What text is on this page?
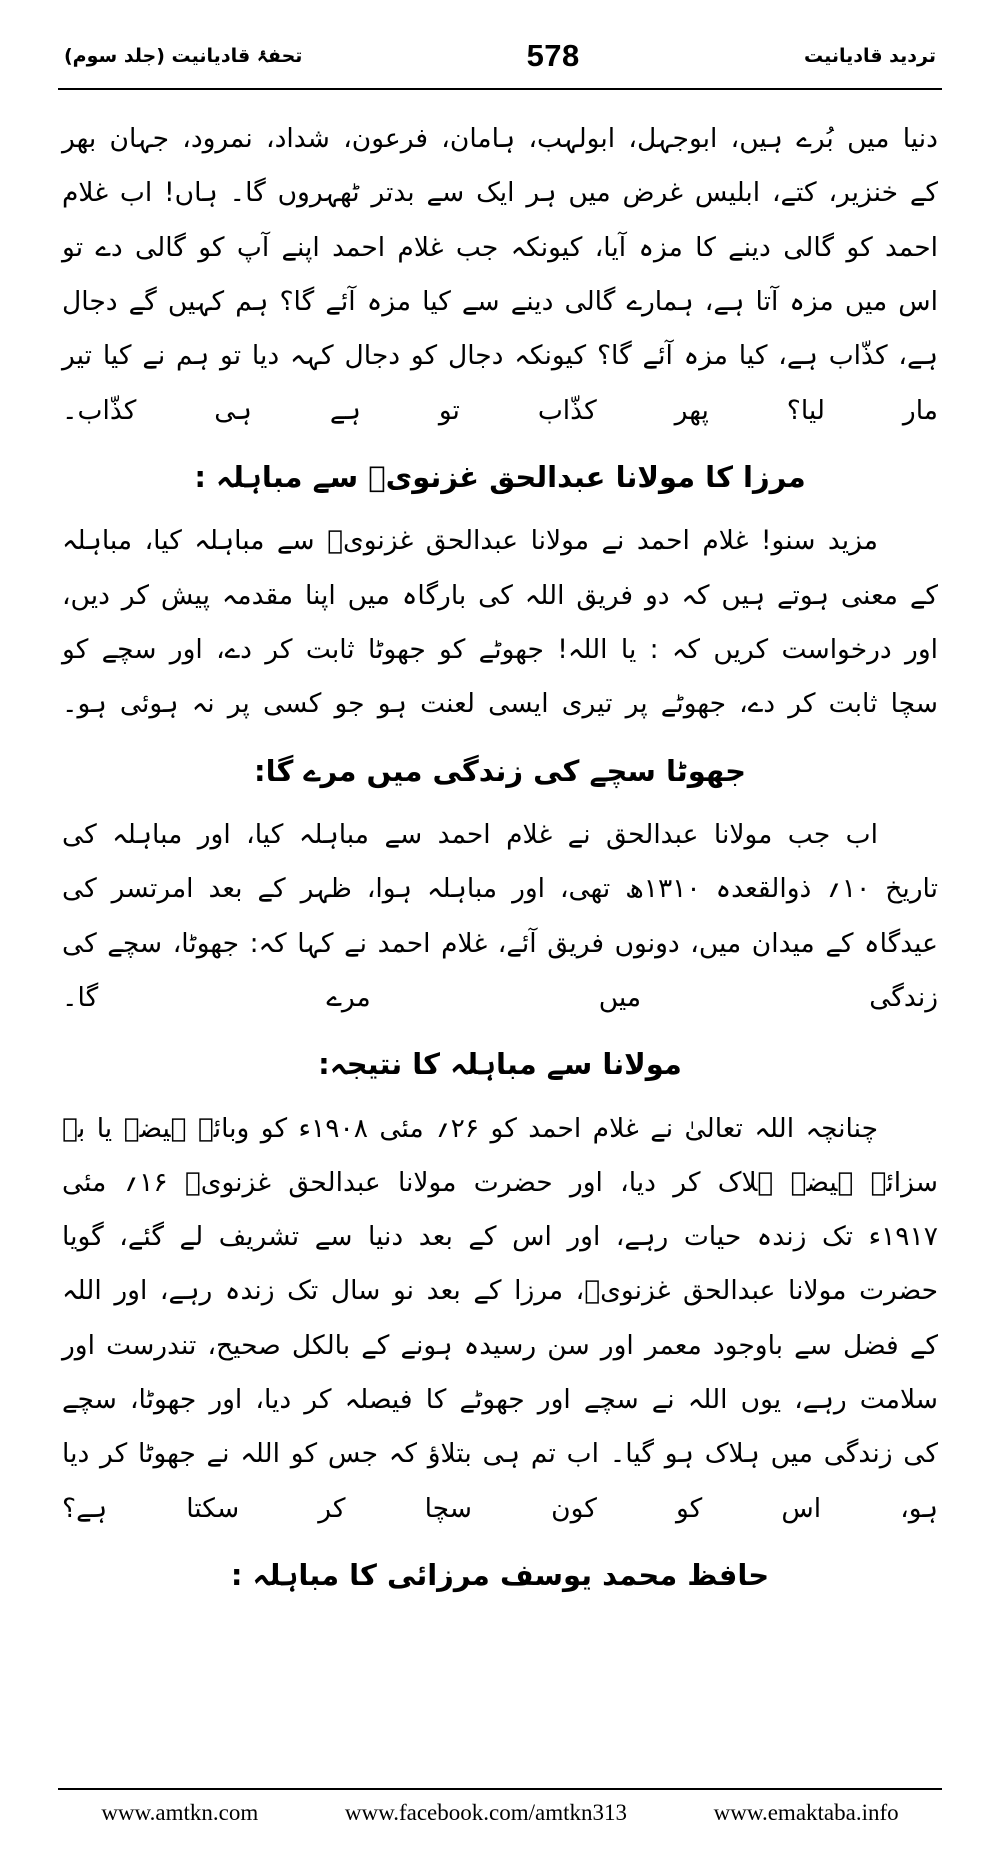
تحفۂ قادیانیت (جلد سوم)	578	تردید قادیانیت

دنیا میں بُرے ہیں، ابوجہل، ابولہب، ہامان، فرعون، شداد، نمرود، جہان بھر کے خنزیر، کتے، ابلیس غرض میں ہر ایک سے بدتر ٹھہروں گا۔ ہاں! اب غلام احمد کو گالی دینے کا مزہ آیا، کیونکہ جب غلام احمد اپنے آپ کو گالی دے تو اس میں مزہ آتا ہے، ہمارے گالی دینے سے کیا مزہ آئے گا؟ ہم کہیں گے دجال ہے، کذّاب ہے، کیا مزہ آئے گا؟ کیونکہ دجال کو دجال کہہ دیا تو ہم نے کیا تیر مار لیا؟ پھر کذّاب تو ہے ہی کذّاب۔

مرزا کا مولانا عبدالحق غزنویؒ سے مباہلہ :

مزید سنو! غلام احمد نے مولانا عبدالحق غزنویؒ سے مباہلہ کیا، مباہلہ کے معنی ہوتے ہیں کہ دو فریق اللہ کی بارگاہ میں اپنا مقدمہ پیش کر دیں، اور درخواست کریں کہ : یا اللہ! جھوٹے کو جھوٹا ثابت کر دے، اور سچے کو سچا ثابت کر دے، جھوٹے پر تیری ایسی لعنت ہو جو کسی پر نہ ہوئی ہو۔

جھوٹا سچے کی زندگی میں مرے گا:

اب جب مولانا عبدالحق نے غلام احمد سے مباہلہ کیا، اور مباہلہ کی تاریخ ۱۰؍ ذوالقعدہ ۱۳۱۰ھ تھی، اور مباہلہ ہوا، ظہر کے بعد امرتسر کی عیدگاہ کے میدان میں، دونوں فریق آئے، غلام احمد نے کہا کہ: جھوٹا، سچے کی زندگی میں مرے گا۔

مولانا سے مباہلہ کا نتیجہ:

چنانچہ اللہ تعالیٰ نے غلام احمد کو ۲۶؍ مئی ۱۹۰۸ء کو وبائے ہیضہ یا بہ سزائے ہیضہ ہلاک کر دیا، اور حضرت مولانا عبدالحق غزنویؒ ۱۶؍ مئی ۱۹۱۷ء تک زندہ حیات رہے، اور اس کے بعد دنیا سے تشریف لے گئے، گویا حضرت مولانا عبدالحق غزنویؒ، مرزا کے بعد نو سال تک زندہ رہے، اور اللہ کے فضل سے باوجود معمر اور سن رسیدہ ہونے کے بالکل صحیح، تندرست اور سلامت رہے، یوں اللہ نے سچے اور جھوٹے کا فیصلہ کر دیا، اور جھوٹا، سچے کی زندگی میں ہلاک ہو گیا۔ اب تم ہی بتلاؤ کہ جس کو اللہ نے جھوٹا کر دیا ہو، اس کو کون سچا کر سکتا ہے؟

حافظ محمد یوسف مرزائی کا مباہلہ :
www.amtkn.com	www.facebook.com/amtkn313	www.emaktaba.info
